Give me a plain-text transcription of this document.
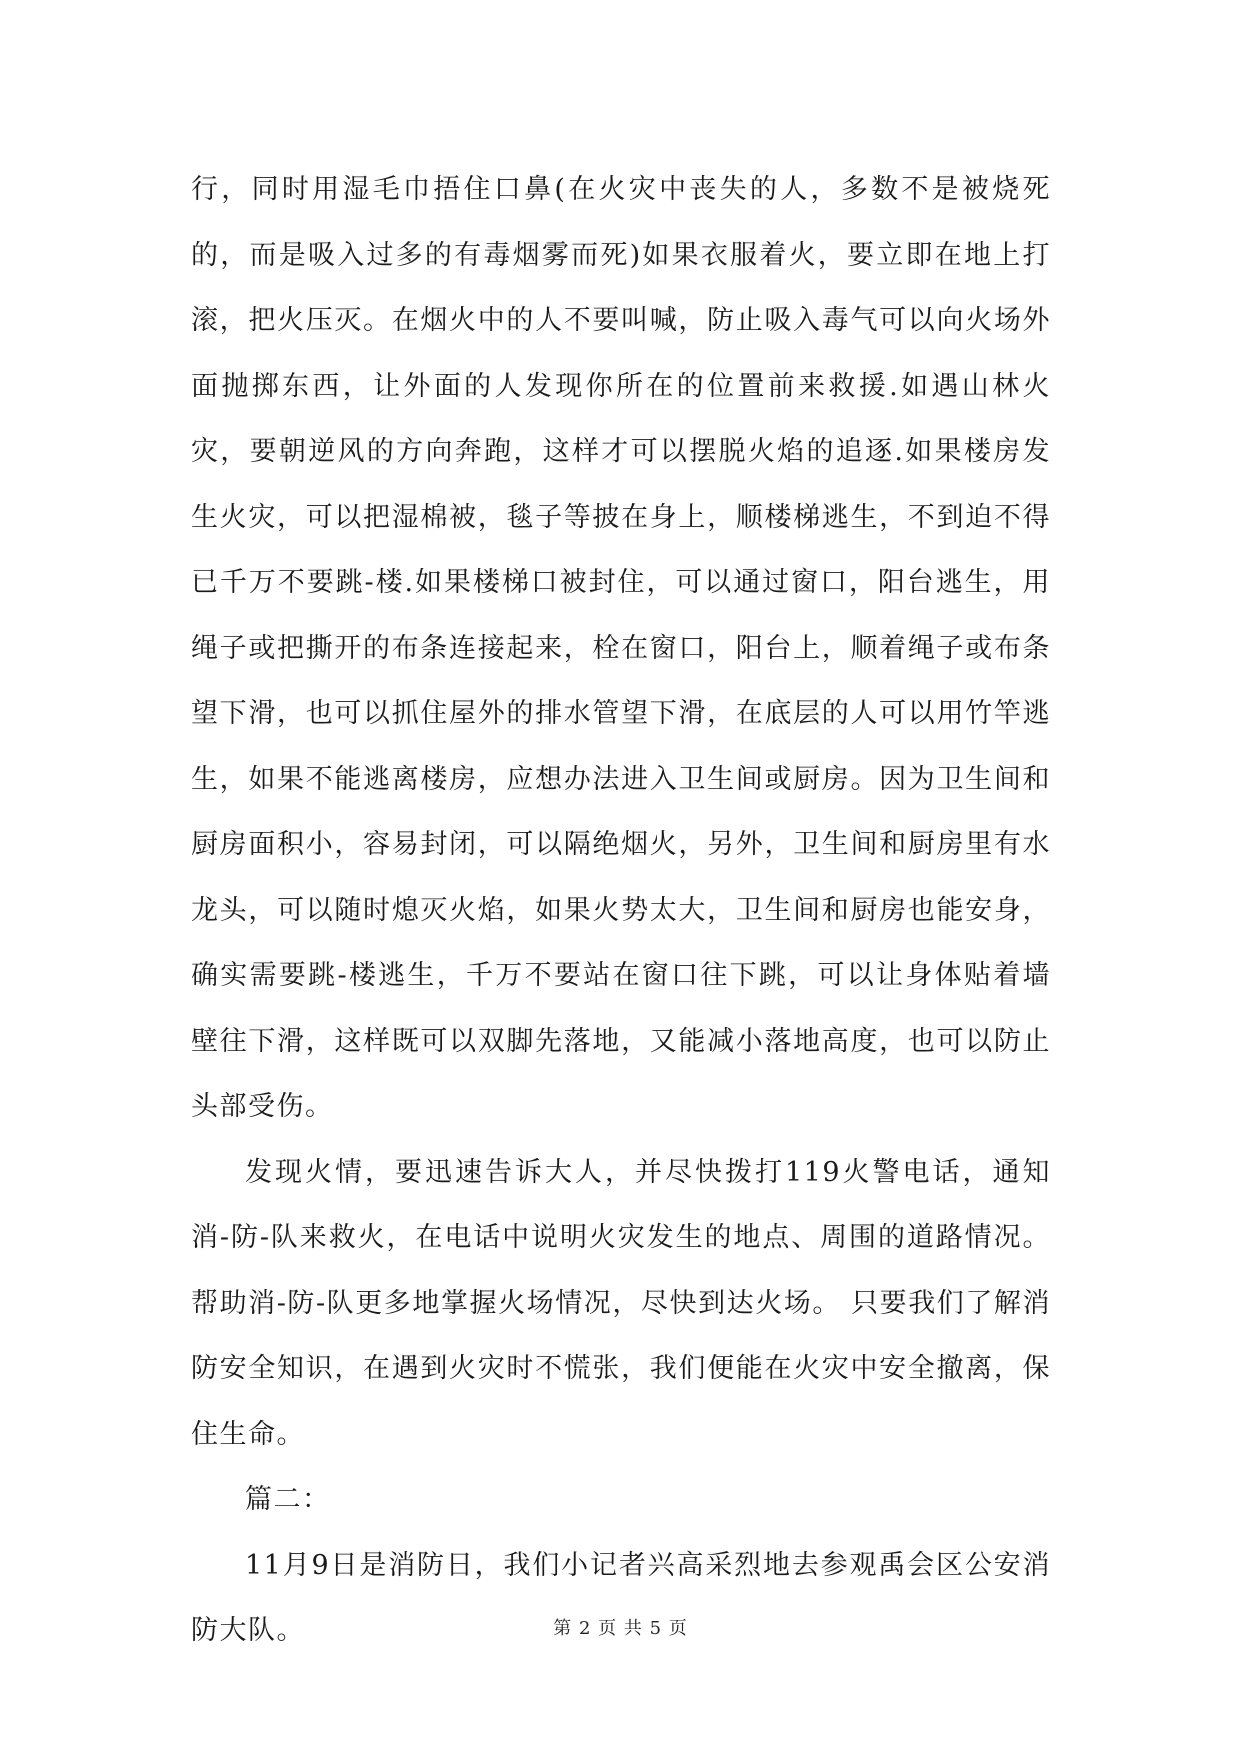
行，同时用湿毛巾捂住口鼻(在火灾中丧失的人，多数不是被烧死的，而是吸入过多的有毒烟雾而死)如果衣服着火，要立即在地上打滚，把火压灭。在烟火中的人不要叫喊，防止吸入毒气可以向火场外面抛掷东西，让外面的人发现你所在的位置前来救援.如遇山林火灾，要朝逆风的方向奔跑，这样才可以摆脱火焰的追逐.如果楼房发生火灾，可以把湿棉被，毯子等披在身上，顺楼梯逃生，不到迫不得已千万不要跳-楼.如果楼梯口被封住，可以通过窗口，阳台逃生，用绳子或把撕开的布条连接起来，栓在窗口，阳台上，顺着绳子或布条望下滑，也可以抓住屋外的排水管望下滑，在底层的人可以用竹竿逃生，如果不能逃离楼房，应想办法进入卫生间或厨房。因为卫生间和厨房面积小，容易封闭，可以隔绝烟火，另外，卫生间和厨房里有水龙头，可以随时熄灭火焰，如果火势太大，卫生间和厨房也能安身，确实需要跳-楼逃生，千万不要站在窗口往下跳，可以让身体贴着墙壁往下滑，这样既可以双脚先落地，又能减小落地高度，也可以防止头部受伤。

发现火情，要迅速告诉大人，并尽快拨打119火警电话，通知消-防-队来救火，在电话中说明火灾发生的地点、周围的道路情况。帮助消-防-队更多地掌握火场情况，尽快到达火场。 只要我们了解消防安全知识，在遇到火灾时不慌张，我们便能在火灾中安全撤离，保住生命。

篇二：

11月9日是消防日，我们小记者兴高采烈地去参观禹会区公安消防大队。	第 2 页 共 5 页
